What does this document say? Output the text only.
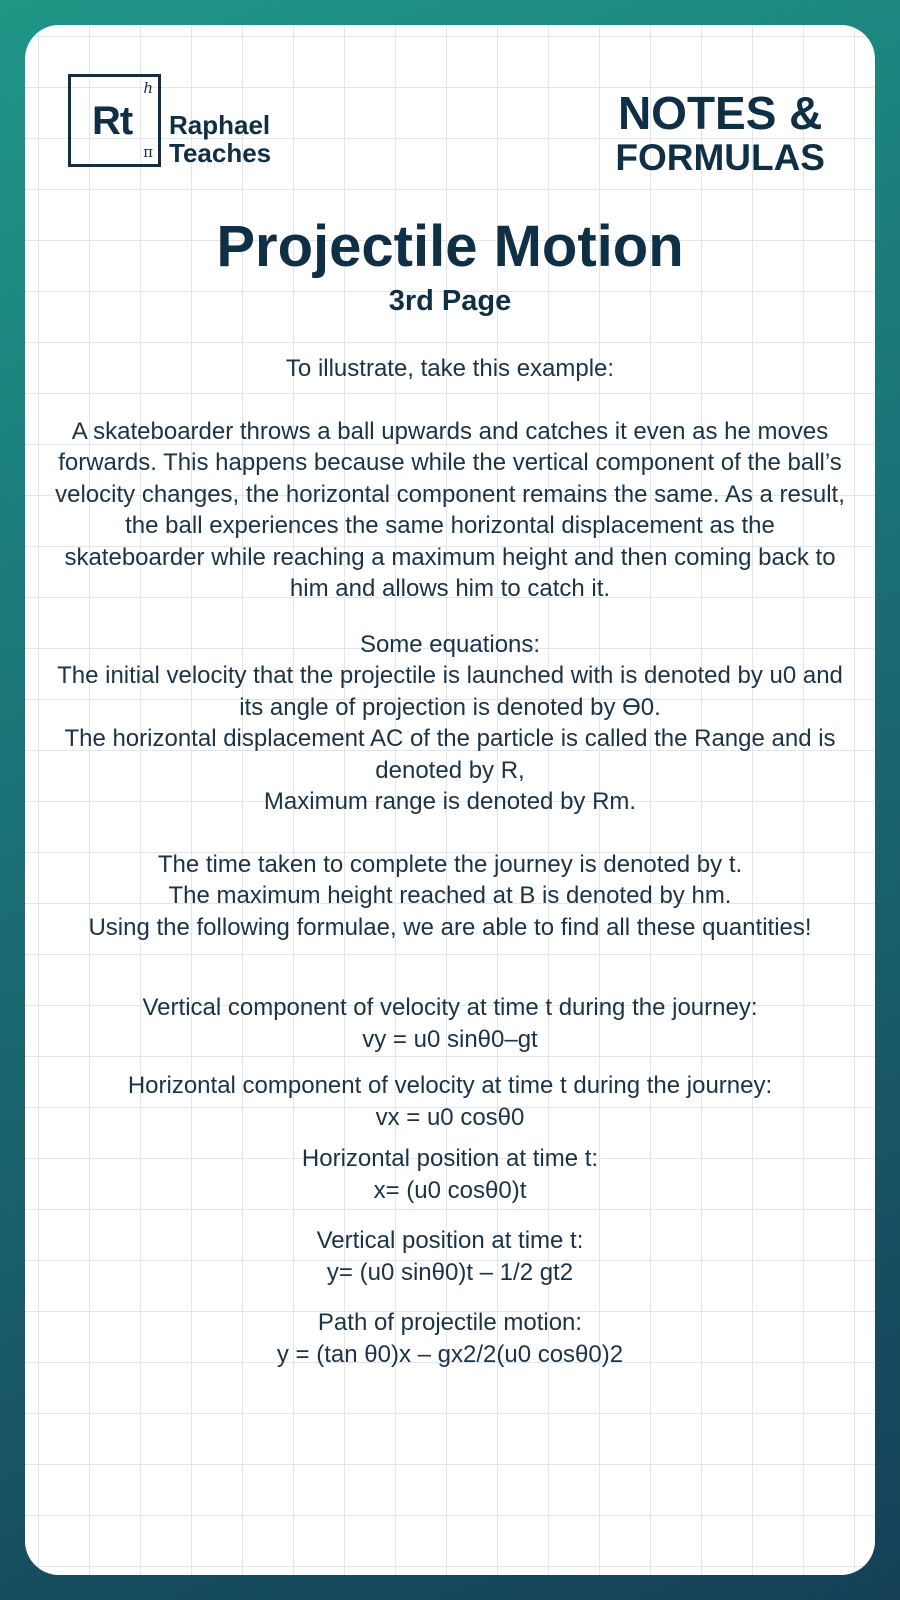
Rt
h
π
Raphael
Teaches
NOTES &
FORMULAS
Projectile Motion
3rd Page

To illustrate, take this example:

A skateboarder throws a ball upwards and catches it even as he moves forwards. This happens because while the vertical component of the ball’s velocity changes, the horizontal component remains the same. As a result, the ball experiences the same horizontal displacement as the skateboarder while reaching a maximum height and then coming back to him and allows him to catch it.

Some equations:

The initial velocity that the projectile is launched with is denoted by u0 and its angle of projection is denoted by Ɵ0.

The horizontal displacement AC of the particle is called the Range and is denoted by R,

Maximum range is denoted by Rm.

The time taken to complete the journey is denoted by t.

The maximum height reached at B is denoted by hm.

Using the following formulae, we are able to find all these quantities!

Vertical component of velocity at time t during the journey:

vy = u0 sinθ0–gt

Horizontal component of velocity at time t during the journey:

vx = u0 cosθ0

Horizontal position at time t:

x= (u0 cosθ0)t

Vertical position at time t:

y= (u0 sinθ0)t – 1/2 gt2

Path of projectile motion:

y = (tan θ0)x – gx2/2(u0 cosθ0)2
